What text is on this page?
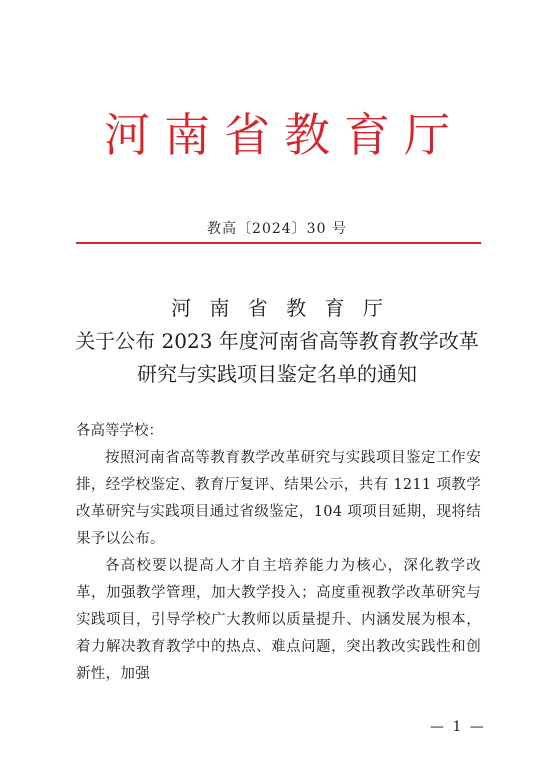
河南省教育厅
教高〔2024〕30 号
河 南 省 教 育 厅
关于公布 2023 年度河南省高等教育教学改革
研究与实践项目鉴定名单的通知
各高等学校：
按照河南省高等教育教学改革研究与实践项目鉴定工作安排，经学校鉴定、教育厅复评、结果公示，共有 1211 项教学改革研究与实践项目通过省级鉴定，104 项项目延期，现将结果予以公布。
各高校要以提高人才自主培养能力为核心，深化教学改革，加强教学管理，加大教学投入；高度重视教学改革研究与实践项目，引导学校广大教师以质量提升、内涵发展为根本，着力解决教育教学中的热点、难点问题，突出教改实践性和创新性，加强
— 1 —
